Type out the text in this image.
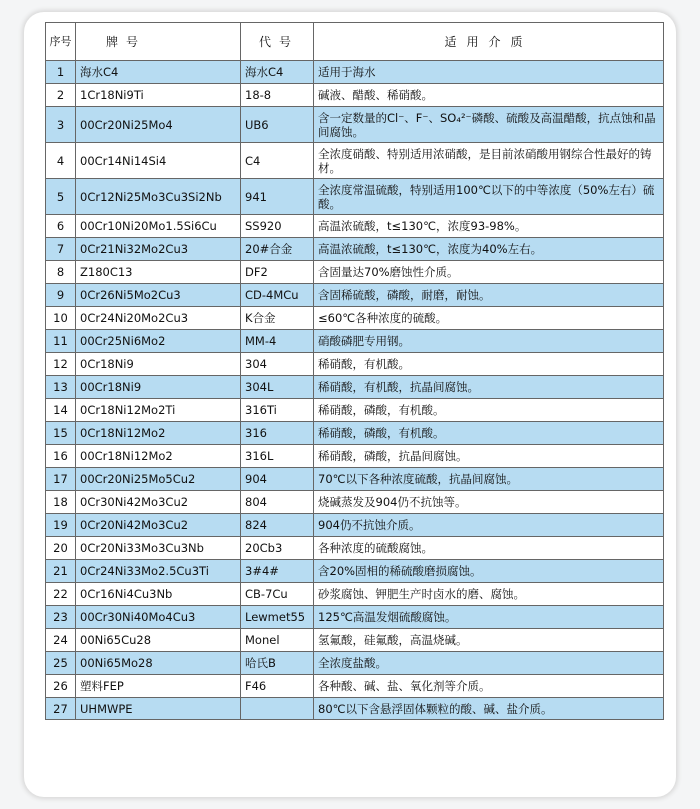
序号	牌号	代号	适用介质
1	海水C4	海水C4	适用于海水
2	1Cr18Ni9Ti	18-8	碱液、醋酸、稀硝酸。
3	00Cr20Ni25Mo4	UB6	含一定数量的Cl⁻、F⁻、SO₄²⁻磷酸、硫酸及高温醋酸，抗点蚀和晶间腐蚀。
4	00Cr14Ni14Si4	C4	全浓度硝酸、特别适用浓硝酸，是目前浓硝酸用钢综合性最好的铸材。
5	0Cr12Ni25Mo3Cu3Si2Nb	941	全浓度常温硫酸，特别适用100℃以下的中等浓度（50%左右）硫酸。
6	00Cr10Ni20Mo1.5Si6Cu	SS920	高温浓硫酸，t≤130℃，浓度93-98%。
7	0Cr21Ni32Mo2Cu3	20#合金	高温浓硫酸，t≤130℃，浓度为40%左右。
8	Z180C13	DF2	含固量达70%磨蚀性介质。
9	0Cr26Ni5Mo2Cu3	CD-4MCu	含固稀硫酸，磷酸，耐磨，耐蚀。
10	0Cr24Ni20Mo2Cu3	K合金	≤60℃各种浓度的硫酸。
11	00Cr25Ni6Mo2	MM-4	硝酸磷肥专用钢。
12	0Cr18Ni9	304	稀硝酸，有机酸。
13	00Cr18Ni9	304L	稀硝酸，有机酸，抗晶间腐蚀。
14	0Cr18Ni12Mo2Ti	316Ti	稀硝酸，磷酸，有机酸。
15	0Cr18Ni12Mo2	316	稀硝酸，磷酸，有机酸。
16	00Cr18Ni12Mo2	316L	稀硝酸，磷酸，抗晶间腐蚀。
17	00Cr20Ni25Mo5Cu2	904	70℃以下各种浓度硫酸，抗晶间腐蚀。
18	0Cr30Ni42Mo3Cu2	804	烧碱蒸发及904仍不抗蚀等。
19	0Cr20Ni42Mo3Cu2	824	904仍不抗蚀介质。
20	0Cr20Ni33Mo3Cu3Nb	20Cb3	各种浓度的硫酸腐蚀。
21	0Cr24Ni33Mo2.5Cu3Ti	3#4#	含20%固相的稀硫酸磨损腐蚀。
22	0Cr16Ni4Cu3Nb	CB-7Cu	砂浆腐蚀、钾肥生产时卤水的磨、腐蚀。
23	00Cr30Ni40Mo4Cu3	Lewmet55	125℃高温发烟硫酸腐蚀。
24	00Ni65Cu28	Monel	氢氟酸，硅氟酸，高温烧碱。
25	00Ni65Mo28	哈氏B	全浓度盐酸。
26	塑料FEP	F46	各种酸、碱、盐、氧化剂等介质。
27	UHMWPE		80℃以下含悬浮固体颗粒的酸、碱、盐介质。
